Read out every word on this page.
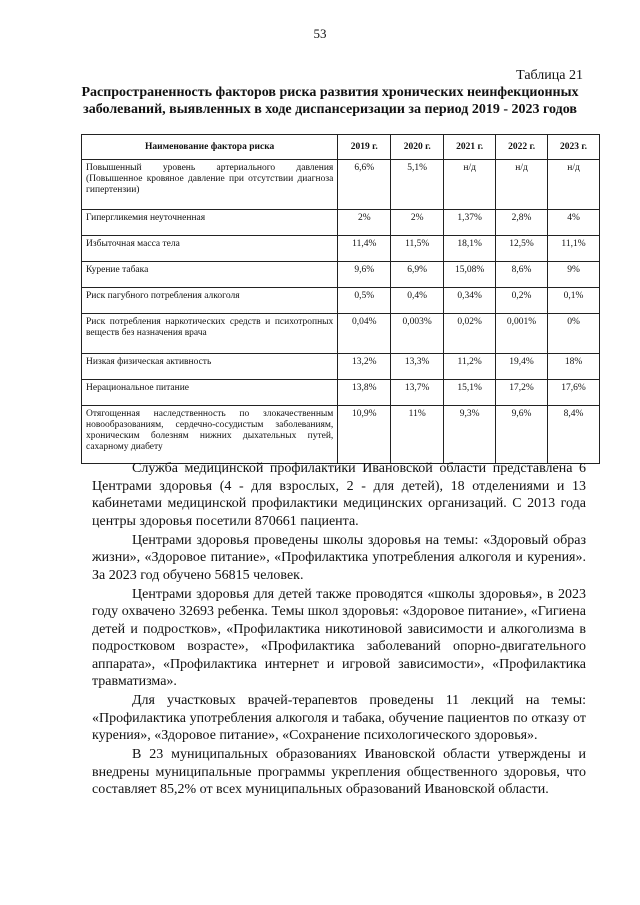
53
Таблица 21
Распространенность факторов риска развития хронических неинфекционных заболеваний, выявленных в ходе диспансеризации за период 2019 - 2023 годов
Наименование фактора риска	2019 г.	2020 г.	2021 г.	2022 г.	2023 г.
Повышенный уровень артериального давления (Повышенное кровяное давление при отсутствии диагноза гипертензии)	6,6%	5,1%	н/д	н/д	н/д
Гипергликемия неуточненная	2%	2%	1,37%	2,8%	4%
Избыточная масса тела	11,4%	11,5%	18,1%	12,5%	11,1%
Курение табака	9,6%	6,9%	15,08%	8,6%	9%
Риск пагубного потребления алкоголя	0,5%	0,4%	0,34%	0,2%	0,1%
Риск потребления наркотических средств и психотропных веществ без назначения врача	0,04%	0,003%	0,02%	0,001%	0%
Низкая физическая активность	13,2%	13,3%	11,2%	19,4%	18%
Нерациональное питание	13,8%	13,7%	15,1%	17,2%	17,6%
Отягощенная наследственность по злокачественным новообразованиям, сердечно-сосудистым заболеваниям, хроническим болезням нижних дыхательных путей, сахарному диабету	10,9%	11%	9,3%	9,6%	8,4%

Служба медицинской профилактики Ивановской области представлена 6 Центрами здоровья (4 - для взрослых, 2 - для детей), 18 отделениями и 13 кабинетами медицинской профилактики медицинских организаций. С 2013 года центры здоровья посетили 870661 пациента.

Центрами здоровья проведены школы здоровья на темы: «Здоровый образ жизни», «Здоровое питание», «Профилактика употребления алкоголя и курения». За 2023 год обучено 56815 человек.

Центрами здоровья для детей также проводятся «школы здоровья», в 2023 году охвачено 32693 ребенка. Темы школ здоровья: «Здоровое питание», «Гигиена детей и подростков», «Профилактика никотиновой зависимости и алкоголизма в подростковом возрасте», «Профилактика заболеваний опорно-двигательного аппарата», «Профилактика интернет и игровой зависимости», «Профилактика травматизма».

Для участковых врачей-терапевтов проведены 11 лекций на темы: «Профилактика употребления алкоголя и табака, обучение пациентов по отказу от курения», «Здоровое питание», «Сохранение психологического здоровья».

В 23 муниципальных образованиях Ивановской области утверждены и внедрены муниципальные программы укрепления общественного здоровья, что составляет 85,2% от всех муниципальных образований Ивановской области.
